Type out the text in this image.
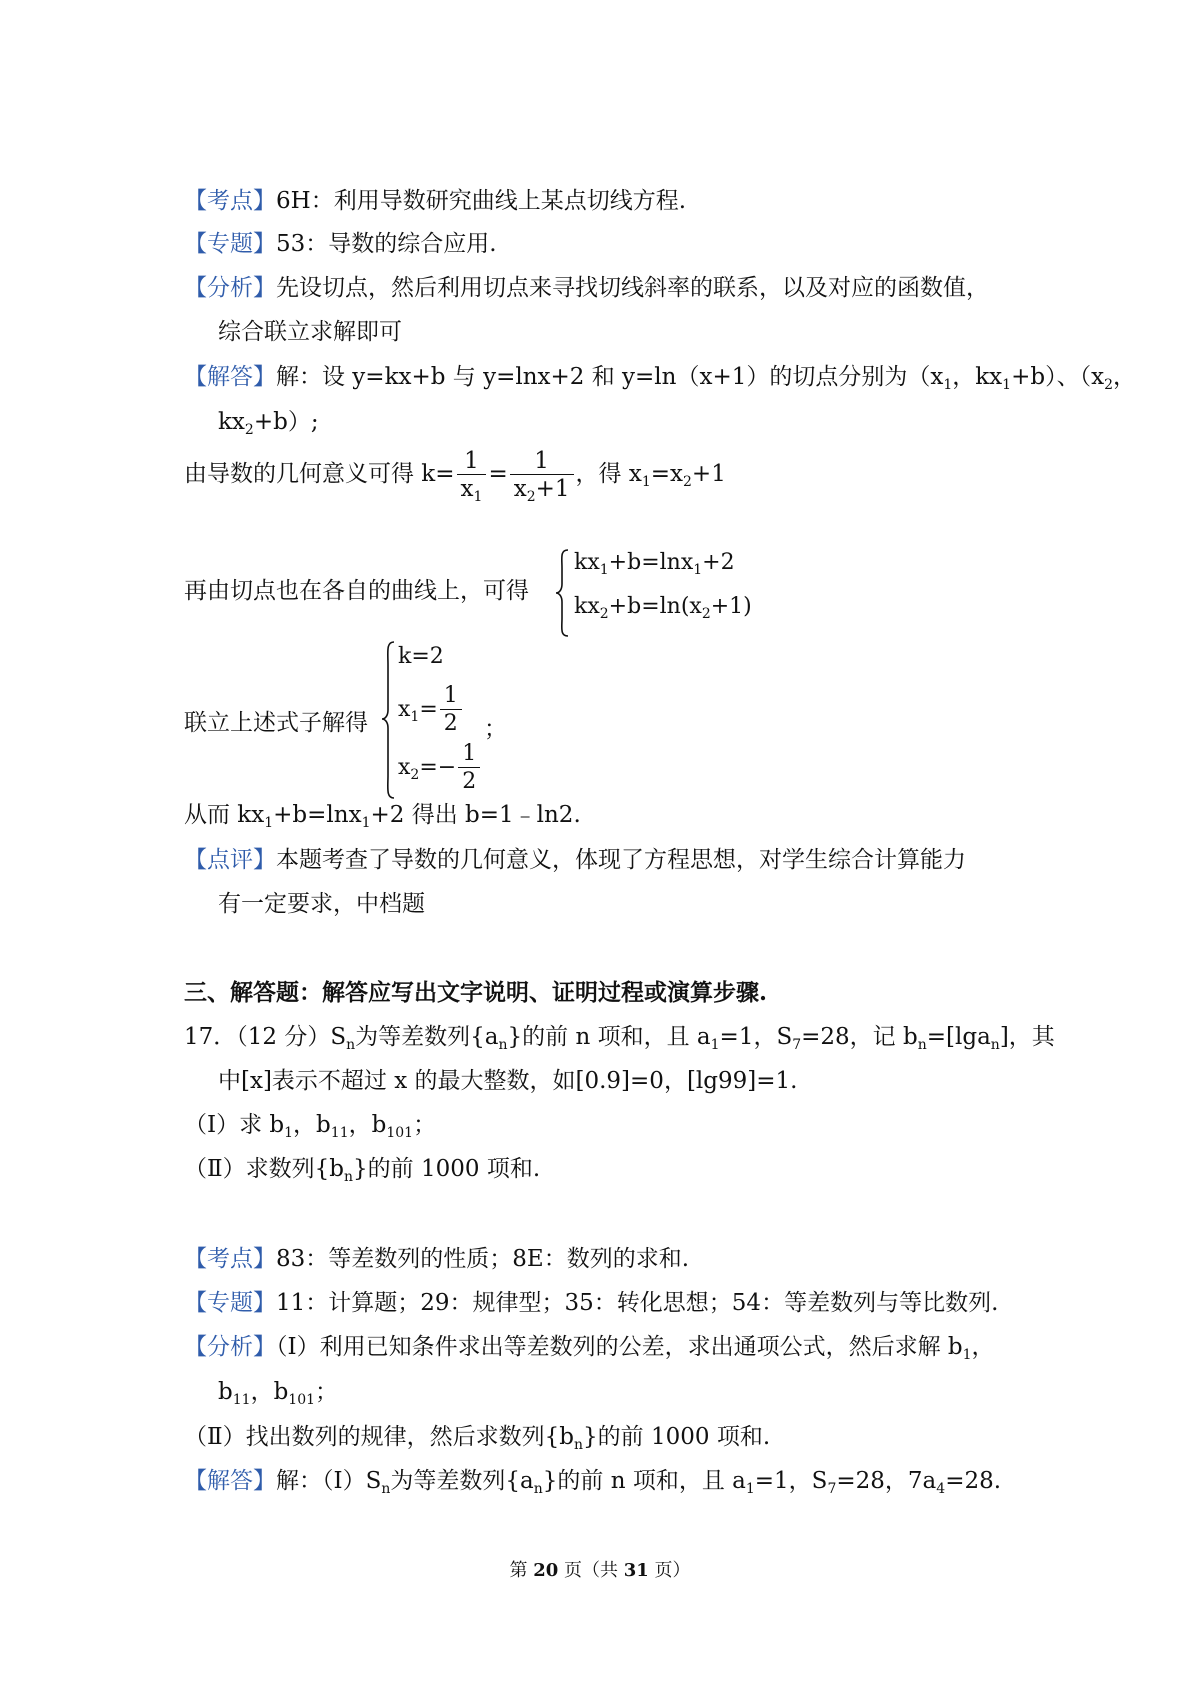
【考点】6H：利用导数研究曲线上某点切线方程.
【专题】53：导数的综合应用.
【分析】先设切点，然后利用切点来寻找切线斜率的联系，以及对应的函数值，
综合联立求解即可
【解答】解：设 y=kx+b 与 y=lnx+2 和 y=ln（x+1）的切点分别为（$x_1$，$kx_1+b$）、（$x_2$，
$kx_2+b$）;
由导数的几何意义可得 $k= \frac{1}{x_1} = \frac{1}{x_2+1}$ ，得 $x_1=x_2+1$
再由切点也在各自的曲线上，可得
$kx_1+b=\ln x_1+2$
$kx_2+b=\ln(x_2+1)$
联立上述式子解得
k=2
$x_1= \frac{1}{2}$
$x_2=- \frac{1}{2}$
；
从而 $kx_1+b=\ln x_1+2$ 得出 b=1﹣ln2.
【点评】本题考查了导数的几何意义，体现了方程思想，对学生综合计算能力
有一定要求，中档题
三、解答题：解答应写出文字说明、证明过程或演算步骤.
17．（12 分）$S_n$为等差数列$\{a_n\}$的前 n 项和，且 $a_1=1$，$S_7=28$，记 $b_n=[\lg a_n]$，其
中[x]表示不超过 x 的最大整数，如[0.9]=0，[lg99]=1.
（Ⅰ）求 $b_1$，$b_{11}$，$b_{101}$；
（Ⅱ）求数列$\{b_n\}$的前 1000 项和.
【考点】83：等差数列的性质；8E：数列的求和.
【专题】11：计算题；29：规律型；35：转化思想；54：等差数列与等比数列.
【分析】（Ⅰ）利用已知条件求出等差数列的公差，求出通项公式，然后求解 $b_1$，
$b_{11}$，$b_{101}$；
（Ⅱ）找出数列的规律，然后求数列$\{b_n\}$的前 1000 项和.
【解答】解：$(Ⅰ)S_n$为等差数列$\{a_n\}$的前 n 项和，且 $a_1=1$，$S_7=28$，$7a_4=28$.
第 20 页（共 31 页）
